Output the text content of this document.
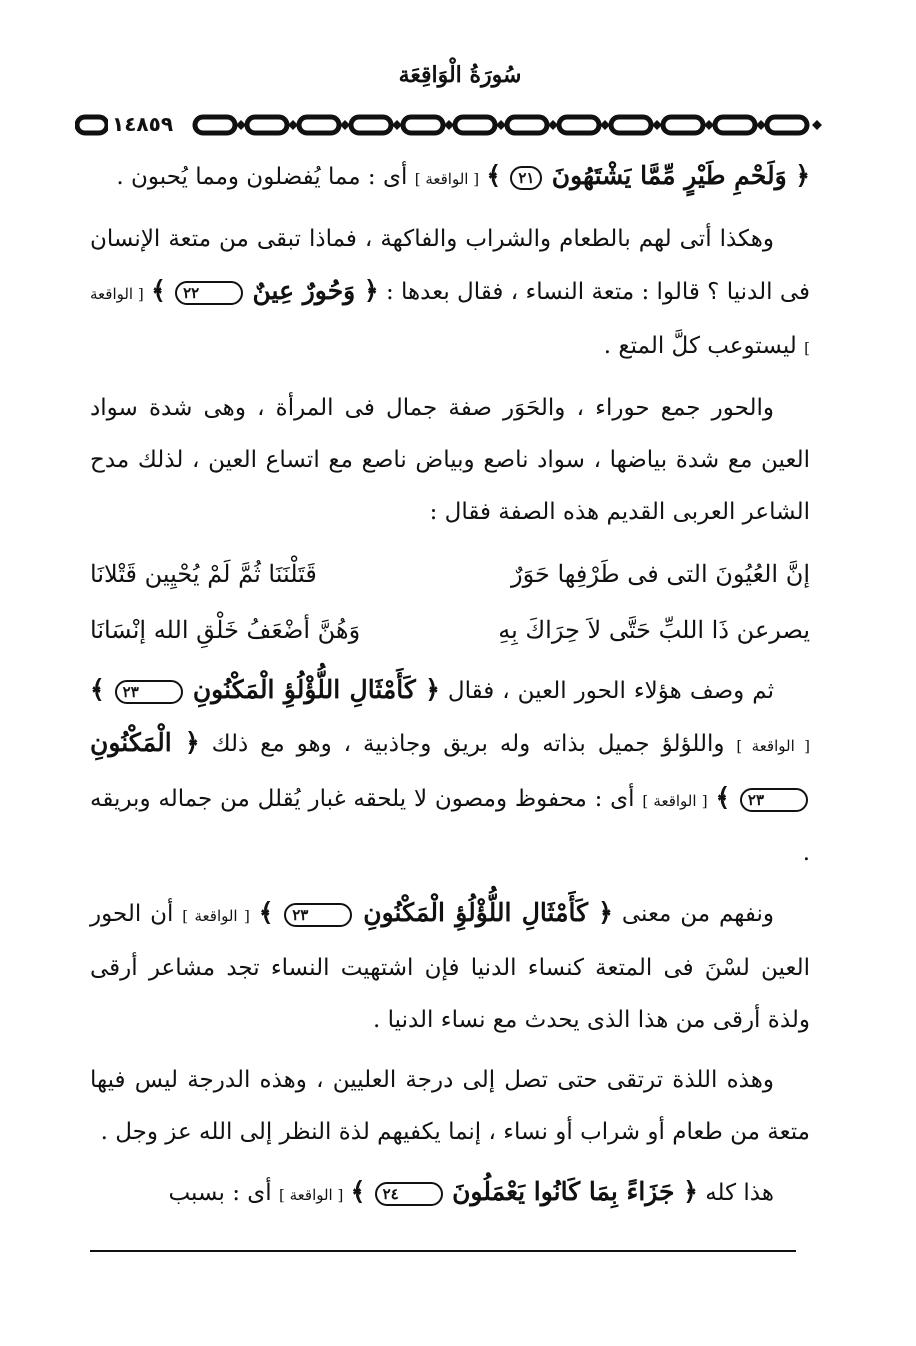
سُورَةُ الْوَاقِعَة
١٤٨٥٩

﴿ وَلَحْمِ طَيْرٍ مِّمَّا يَشْتَهُونَ ٢١ ﴾ [ الواقعة ] أى : مما يُفضلون ومما يُحبون .

وهكذا أتى لهم بالطعام والشراب والفاكهة ، فماذا تبقى من متعة الإنسان فى الدنيا ؟ قالوا : متعة النساء ، فقال بعدها : ﴿ وَحُورٌ عِينٌ ٢٢ ﴾ [ الواقعة ] ليستوعب كلَّ المتع .

والحور جمع حوراء ، والحَوَر صفة جمال فى المرأة ، وهى شدة سواد العين مع شدة بياضها ، سواد ناصع وبياض ناصع مع اتساع العين ، لذلك مدح الشاعر العربى القديم هذه الصفة فقال :

إنَّ العُيُونَ التى فى طَرْفِها حَوَرٌ
قَتَلْنَنَا ثُمَّ لَمْ يُحْيِين قَتْلانَا
يصرعن ذَا اللبِّ حَتَّى لاَ حِرَاكَ بِهِ
وَهُنَّ أضْعَفُ خَلْقِ الله إنْسَانَا

ثم وصف هؤلاء الحور العين ، فقال ﴿ كَأَمْثَالِ اللُّؤْلُؤِ الْمَكْنُونِ ٢٣ ﴾ [ الواقعة ] واللؤلؤ جميل بذاته وله بريق وجاذبية ، وهو مع ذلك ﴿ الْمَكْنُونِ ٢٣ ﴾ [ الواقعة ] أى : محفوظ ومصون لا يلحقه غبار يُقلل من جماله وبريقه .

ونفهم من معنى ﴿ كَأَمْثَالِ اللُّؤْلُؤِ الْمَكْنُونِ ٢٣ ﴾ [ الواقعة ] أن الحور العين لسْنَ فى المتعة كنساء الدنيا فإن اشتهيت النساء تجد مشاعر أرقى ولذة أرقى من هذا الذى يحدث مع نساء الدنيا .

وهذه اللذة ترتقى حتى تصل إلى درجة العليين ، وهذه الدرجة ليس فيها متعة من طعام أو شراب أو نساء ، إنما يكفيهم لذة النظر إلى الله عز وجل .

هذا كله ﴿ جَزَاءً بِمَا كَانُوا يَعْمَلُونَ ٢٤ ﴾ [ الواقعة ] أى : بسبب
